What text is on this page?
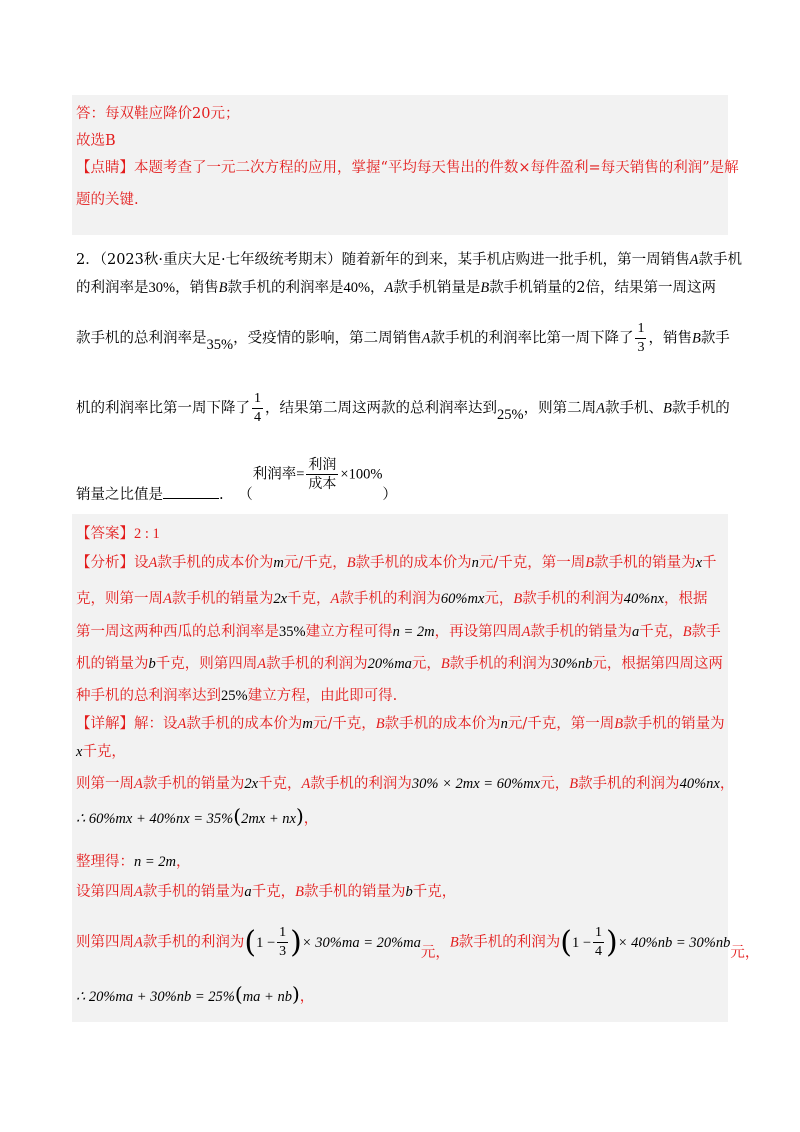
答：每双鞋应降价20元；
故选B
【点睛】本题考查了一元二次方程的应用，掌握“平均每天售出的件数×每件盈利=每天销售的利润”是解
题的关键.
2．（2023秋·重庆大足·七年级统考期末）随着新年的到来，某手机店购进一批手机，第一周销售A款手机
的利润率是30%，销售B款手机的利润率是40%，A款手机销量是B款手机销量的2倍，结果第一周这两
款手机的总利润率是35%，受疫情的影响，第二周销售A款手机的利润率比第一周下降了 $\frac{1}{3}$ ，销售B款手
机的利润率比第一周下降了 $\frac{1}{4}$ ，结果第二周这两款的总利润率达到25%，则第二周A款手机、B款手机的
销量之比值是	. （利润率= $\frac{\text{利润}}{\text{成本}} \times 100\%$）
【答案】2 : 1
【分析】设A款手机的成本价为m元/千克，B款手机的成本价为n元/千克，第一周B款手机的销量为x千
克，则第一周A款手机的销量为2x千克，A款手机的利润为60%mx元，B款手机的利润为40%nx，根据
第一周这两种西瓜的总利润率是35%建立方程可得n = 2m，再设第四周A款手机的销量为a千克，B款手
机的销量为b千克，则第四周A款手机的利润为20%ma元，B款手机的利润为30%nb元，根据第四周这两
种手机的总利润率达到25%建立方程，由此即可得.
【详解】解：设A款手机的成本价为m元/千克，B款手机的成本价为n元/千克，第一周B款手机的销量为
x千克，
则第一周A款手机的销量为2x千克，A款手机的利润为30% × 2mx = 60%mx元，B款手机的利润为40%nx，
∴ 60%mx + 40%nx = 35%(2mx + nx)，
整理得：n = 2m，
设第四周A款手机的销量为a千克，B款手机的销量为b千克，
则第四周A款手机的利润为($1 - \frac{1}{3}$ )× 30%ma = 20%ma元，B款手机的利润为($1 - \frac{1}{4}$ )× 40%nb = 30%nb元，
∴ 20%ma + 30%nb = 25%(ma + nb)，
